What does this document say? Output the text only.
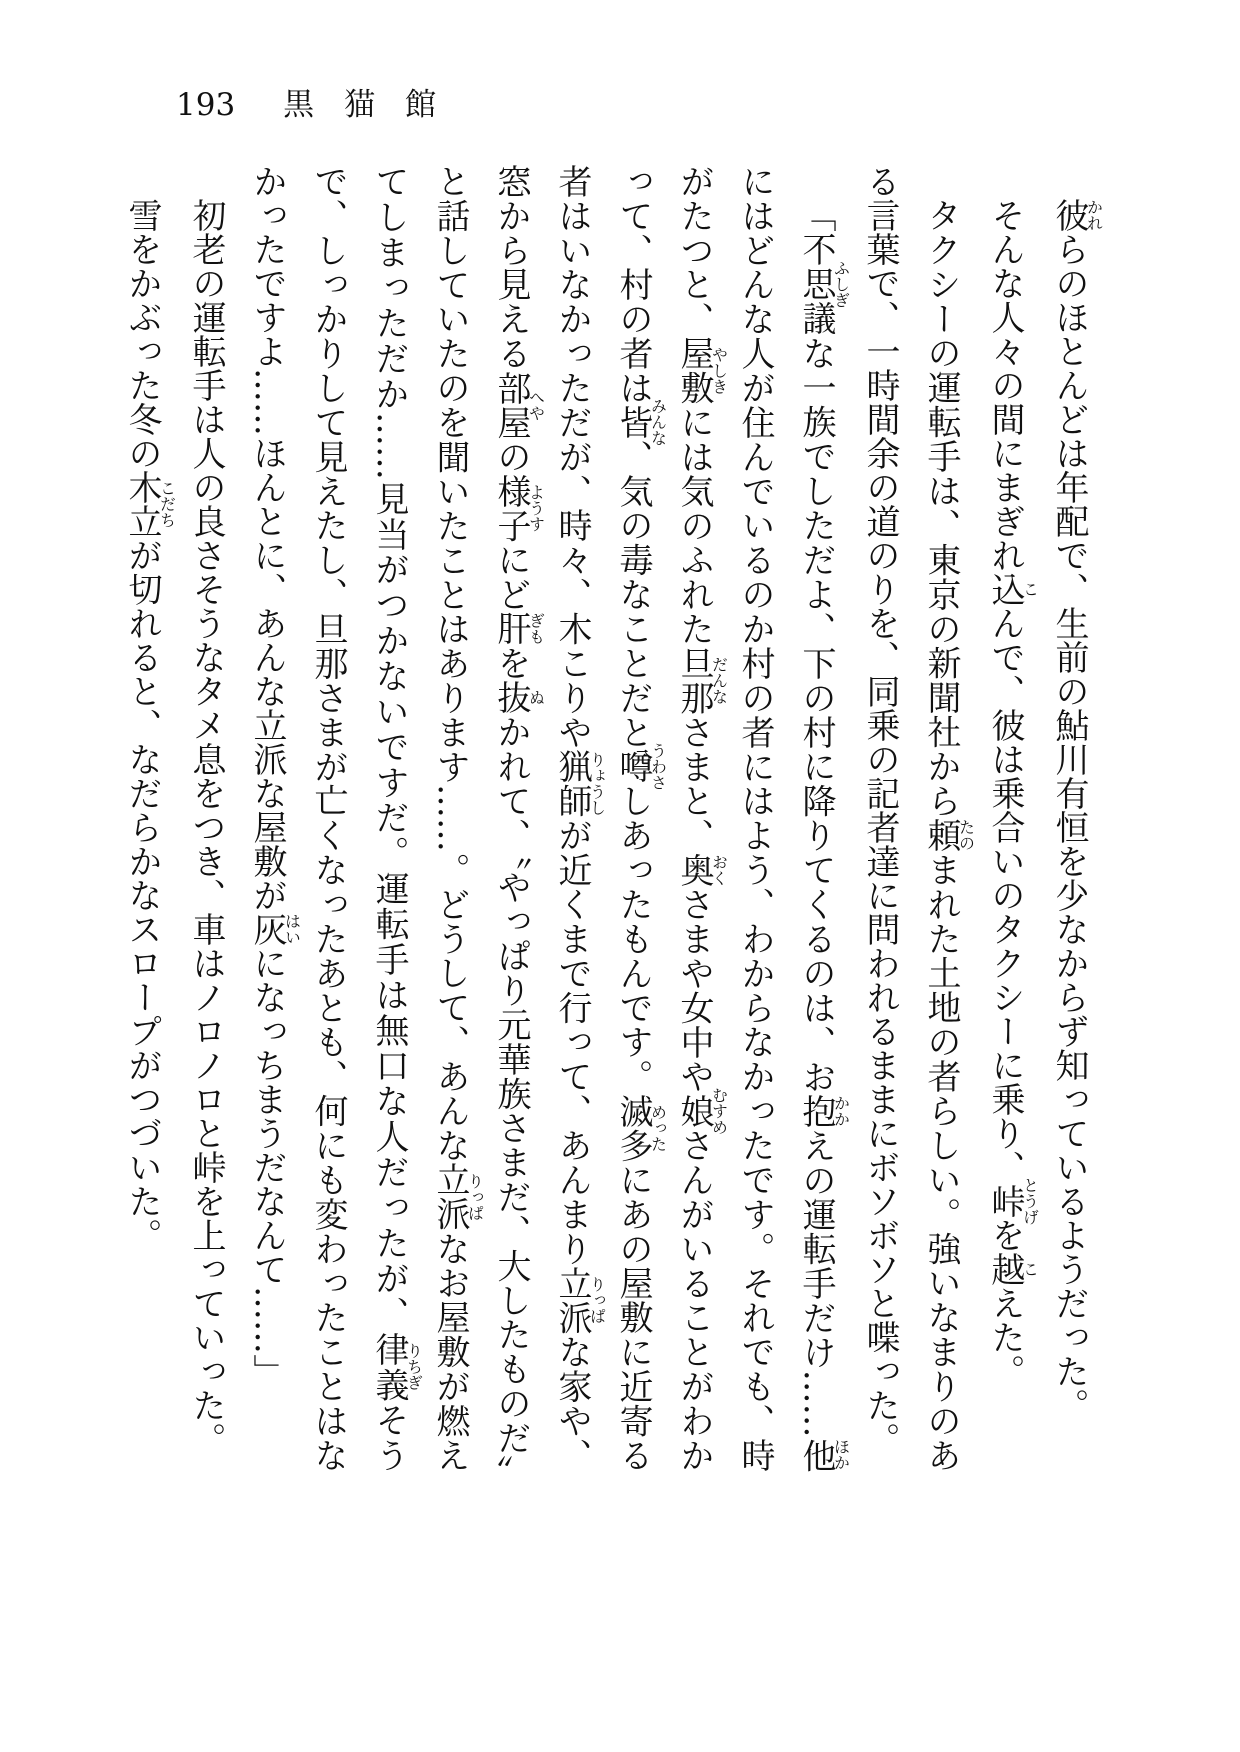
193 黒猫館

彼かれらのほとんどは年配で、生前の鮎川有恒を少なからず知っているようだった。

そんな人々の間にまぎれ込こんで、彼は乗合いのタクシーに乗り、峠とうげを越こえた。

タクシーの運転手は、東京の新聞社から頼たのまれた土地の者らしい。強いなまりのある言葉で、一時間余の道のりを、同乗の記者達に問われるままにボソボソと喋った。

「不思議ふしぎな一族でしただよ、下の村に降りてくるのは、お抱かかえの運転手だけ……他ほかにはどんな人が住んでいるのか村の者にはよう、わからなかったです。それでも、時がたつと、屋敷やしきには気のふれた旦那だんなさまと、奥おくさまや女中や娘むすめさんがいることがわかって、村の者は皆みんな、気の毒なことだと噂うわさしあったもんです。滅多めったにあの屋敷に近寄る者はいなかっただが、時々、木こりや猟師りょうしが近くまで行って、あんまり立派りっぱな家や、窓から見える部屋へやの様子ようすにど肝ぎもを抜ぬかれて、〝やっぱり元華族さまだ、大したものだ〟と話していたのを聞いたことはあります……。どうして、あんな立派りっぱなお屋敷が燃えてしまっただか……見当がつかないですだ。運転手は無口な人だったが、律義りちぎそうで、しっかりして見えたし、旦那さまが亡くなったあとも、何にも変わったことはなかったですよ……ほんとに、あんな立派な屋敷が灰はいになっちまうだなんて……」

初老の運転手は人の良さそうなタメ息をつき、車はノロノロと峠を上っていった。

雪をかぶった冬の木立こだちが切れると、なだらかなスロープがつづいた。
